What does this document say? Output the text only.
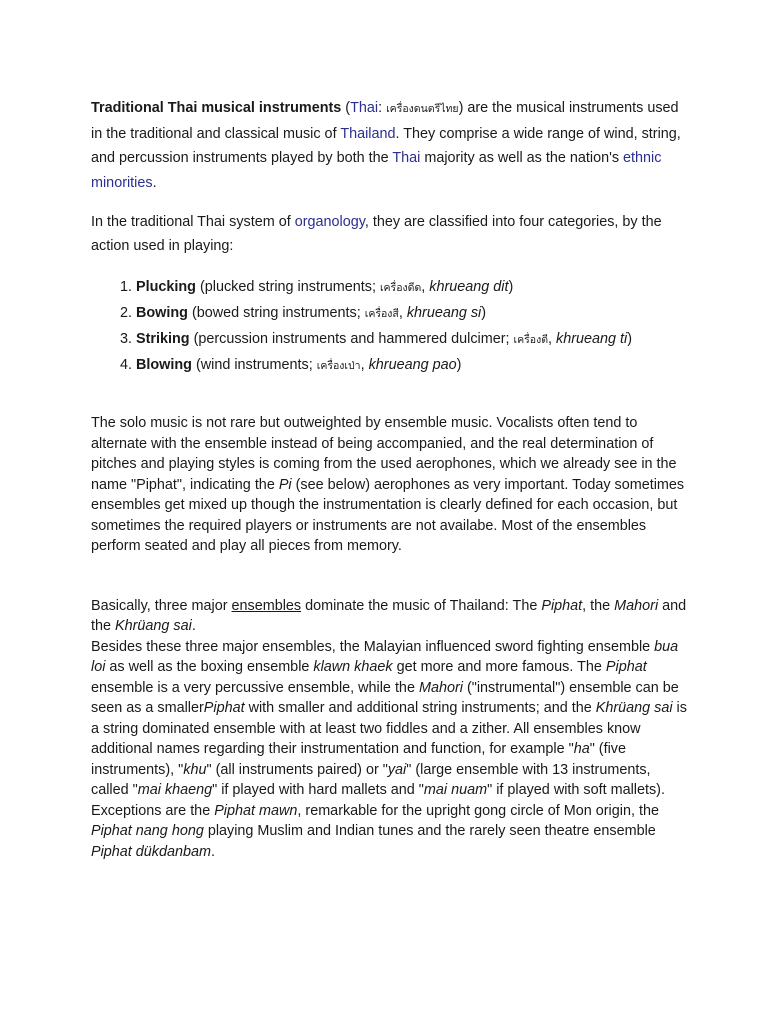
Traditional Thai musical instruments (Thai: เครื่องดนตรีไทย) are the musical instruments used in the traditional and classical music of Thailand. They comprise a wide range of wind, string, and percussion instruments played by both the Thai majority as well as the nation's ethnic minorities.

In the traditional Thai system of organology, they are classified into four categories, by the action used in playing:

1. Plucking (plucked string instruments; เครื่องดีด, khrueang dit)
2. Bowing (bowed string instruments; เครื่องสี, khrueang si)
3. Striking (percussion instruments and hammered dulcimer; เครื่องตี, khrueang ti)
4. Blowing (wind instruments; เครื่องเป่า, khrueang pao)

The solo music is not rare but outweighted by ensemble music. Vocalists often tend to alternate with the ensemble instead of being accompanied, and the real determination of pitches and playing styles is coming from the used aerophones, which we already see in the name "Piphat", indicating the Pi (see below) aerophones as very important. Today sometimes ensembles get mixed up though the instrumentation is clearly defined for each occasion, but sometimes the required players or instruments are not availabe. Most of the ensembles perform seated and play all pieces from memory.

Basically, three major ensembles dominate the music of Thailand: The Piphat, the Mahori and the Khrüang sai.
Besides these three major ensembles, the Malayian influenced sword fighting ensemble bua loi as well as the boxing ensemble klawn khaek get more and more famous. The Piphat ensemble is a very percussive ensemble, while the Mahori ("instrumental") ensemble can be seen as a smallerPiphat with smaller and additional string instruments; and the Khrüang sai is a string dominated ensemble with at least two fiddles and a zither. All ensembles know additional names regarding their instrumentation and function, for example "ha" (five instruments), "khu" (all instruments paired) or "yai" (large ensemble with 13 instruments, called "mai khaeng" if played with hard mallets and "mai nuam" if played with soft mallets).
Exceptions are the Piphat mawn, remarkable for the upright gong circle of Mon origin, the Piphat nang hong playing Muslim and Indian tunes and the rarely seen theatre ensemble Piphat dükdanbam.
